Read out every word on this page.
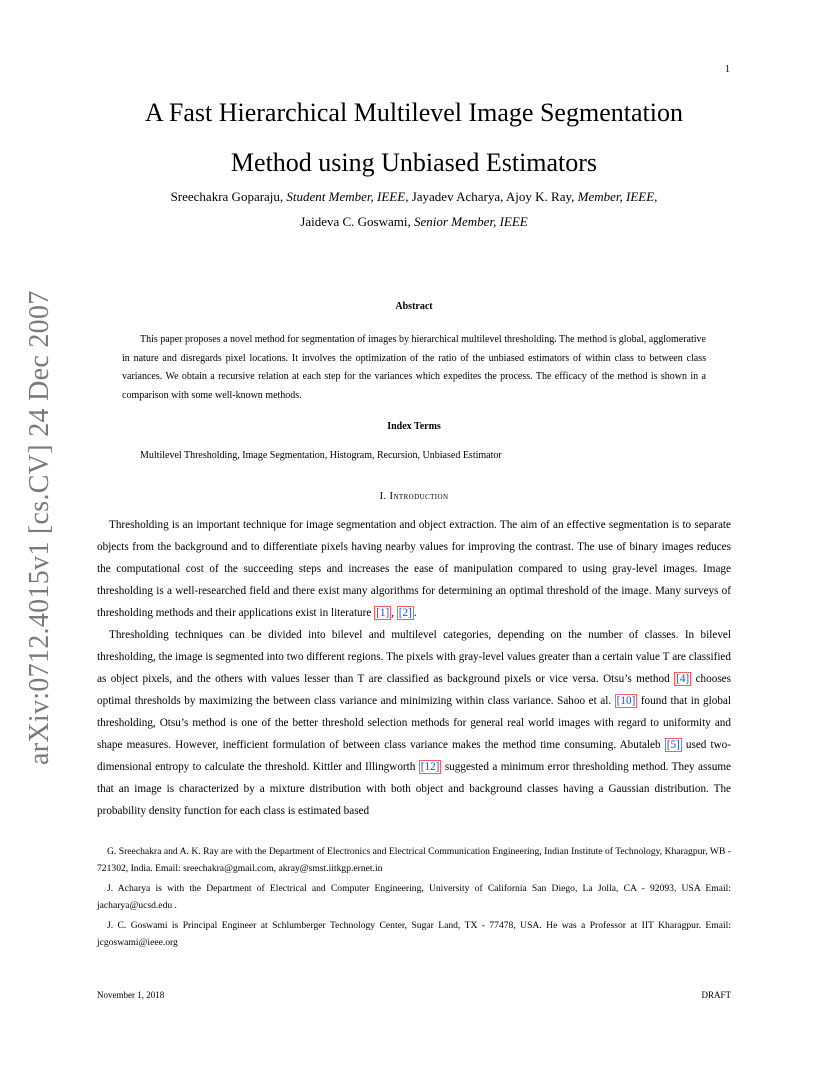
1
arXiv:0712.4015v1 [cs.CV] 24 Dec 2007
A Fast Hierarchical Multilevel Image Segmentation
Method using Unbiased Estimators
Sreechakra Goparaju, Student Member, IEEE, Jayadev Acharya, Ajoy K. Ray, Member, IEEE,
Jaideva C. Goswami, Senior Member, IEEE
Abstract
This paper proposes a novel method for segmentation of images by hierarchical multilevel thresholding. The method is global, agglomerative in nature and disregards pixel locations. It involves the optimization of the ratio of the unbiased estimators of within class to between class variances. We obtain a recursive relation at each step for the variances which expedites the process. The efficacy of the method is shown in a comparison with some well-known methods.
Index Terms
Multilevel Thresholding, Image Segmentation, Histogram, Recursion, Unbiased Estimator
I. Introduction

Thresholding is an important technique for image segmentation and object extraction. The aim of an effective segmentation is to separate objects from the background and to differentiate pixels having nearby values for improving the contrast. The use of binary images reduces the computational cost of the succeeding steps and increases the ease of manipulation compared to using gray-level images. Image thresholding is a well-researched field and there exist many algorithms for determining an optimal threshold of the image. Many surveys of thresholding methods and their applications exist in literature [1] , [2] .

Thresholding techniques can be divided into bilevel and multilevel categories, depending on the number of classes. In bilevel thresholding, the image is segmented into two different regions. The pixels with gray-level values greater than a certain value T are classified as object pixels, and the others with values lesser than T are classified as background pixels or vice versa. Otsu’s method [4] chooses optimal thresholds by maximizing the between class variance and minimizing within class variance. Sahoo et al. [10] found that in global thresholding, Otsu’s method is one of the better threshold selection methods for general real world images with regard to uniformity and shape measures. However, inefficient formulation of between class variance makes the method time consuming. Abutaleb [5] used two-dimensional entropy to calculate the threshold. Kittler and Illingworth [12] suggested a minimum error thresholding method. They assume that an image is characterized by a mixture distribution with both object and background classes having a Gaussian distribution. The probability density function for each class is estimated based

G. Sreechakra and A. K. Ray are with the Department of Electronics and Electrical Communication Engineering, Indian Institute of Technology, Kharagpur, WB - 721302, India. Email: sreechakra@gmail.com, akray@smst.iitkgp.ernet.in

J. Acharya is with the Department of Electrical and Computer Engineering, University of California San Diego, La Jolla, CA - 92093, USA Email: jacharya@ucsd.edu .

J. C. Goswami is Principal Engineer at Schlumberger Technology Center, Sugar Land, TX - 77478, USA. He was a Professor at IIT Kharagpur. Email: jcgoswami@ieee.org

November 1, 2018	DRAFT
